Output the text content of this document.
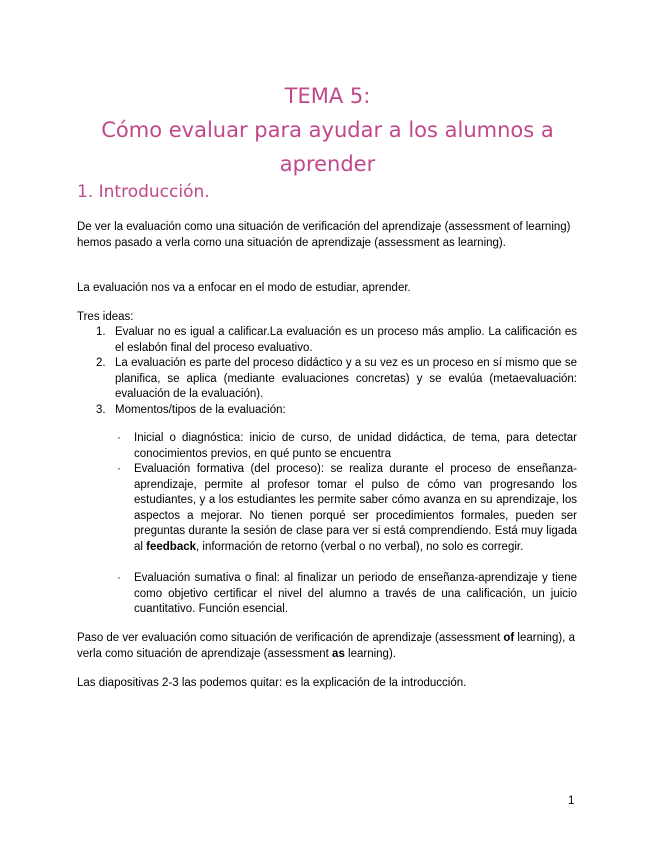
TEMA 5:
Cómo evaluar para ayudar a los alumnos a
aprender
1. Introducción.
De ver la evaluación como una situación de verificación del aprendizaje (assessment of learning) hemos pasado a verla como una situación de aprendizaje (assessment as learning).
La evaluación nos va a enfocar en el modo de estudiar, aprender.
Tres ideas:
1. Evaluar no es igual a calificar.La evaluación es un proceso más amplio. La calificación es el eslabón final del proceso evaluativo.
2. La evaluación es parte del proceso didáctico y a su vez es un proceso en sí mismo que se planifica, se aplica (mediante evaluaciones concretas) y se evalúa (metaevaluación: evaluación de la evaluación).
3. Momentos/tipos de la evaluación:
· Inicial o diagnóstica: inicio de curso, de unidad didáctica, de tema, para detectar conocimientos previos, en qué punto se encuentra
· Evaluación formativa (del proceso): se realiza durante el proceso de enseñanza-aprendizaje, permite al profesor tomar el pulso de cómo van progresando los estudiantes, y a los estudiantes les permite saber cómo avanza en su aprendizaje, los aspectos a mejorar. No tienen porqué ser procedimientos formales, pueden ser preguntas durante la sesión de clase para ver si está comprendiendo. Está muy ligada al feedback, información de retorno (verbal o no verbal), no solo es corregir.
· Evaluación sumativa o final: al finalizar un periodo de enseñanza-aprendizaje y tiene como objetivo certificar el nivel del alumno a través de una calificación, un juicio cuantitativo. Función esencial.
Paso de ver evaluación como situación de verificación de aprendizaje (assessment of learning), a verla como situación de aprendizaje (assessment as learning).
Las diapositivas 2-3 las podemos quitar: es la explicación de la introducción.
1
